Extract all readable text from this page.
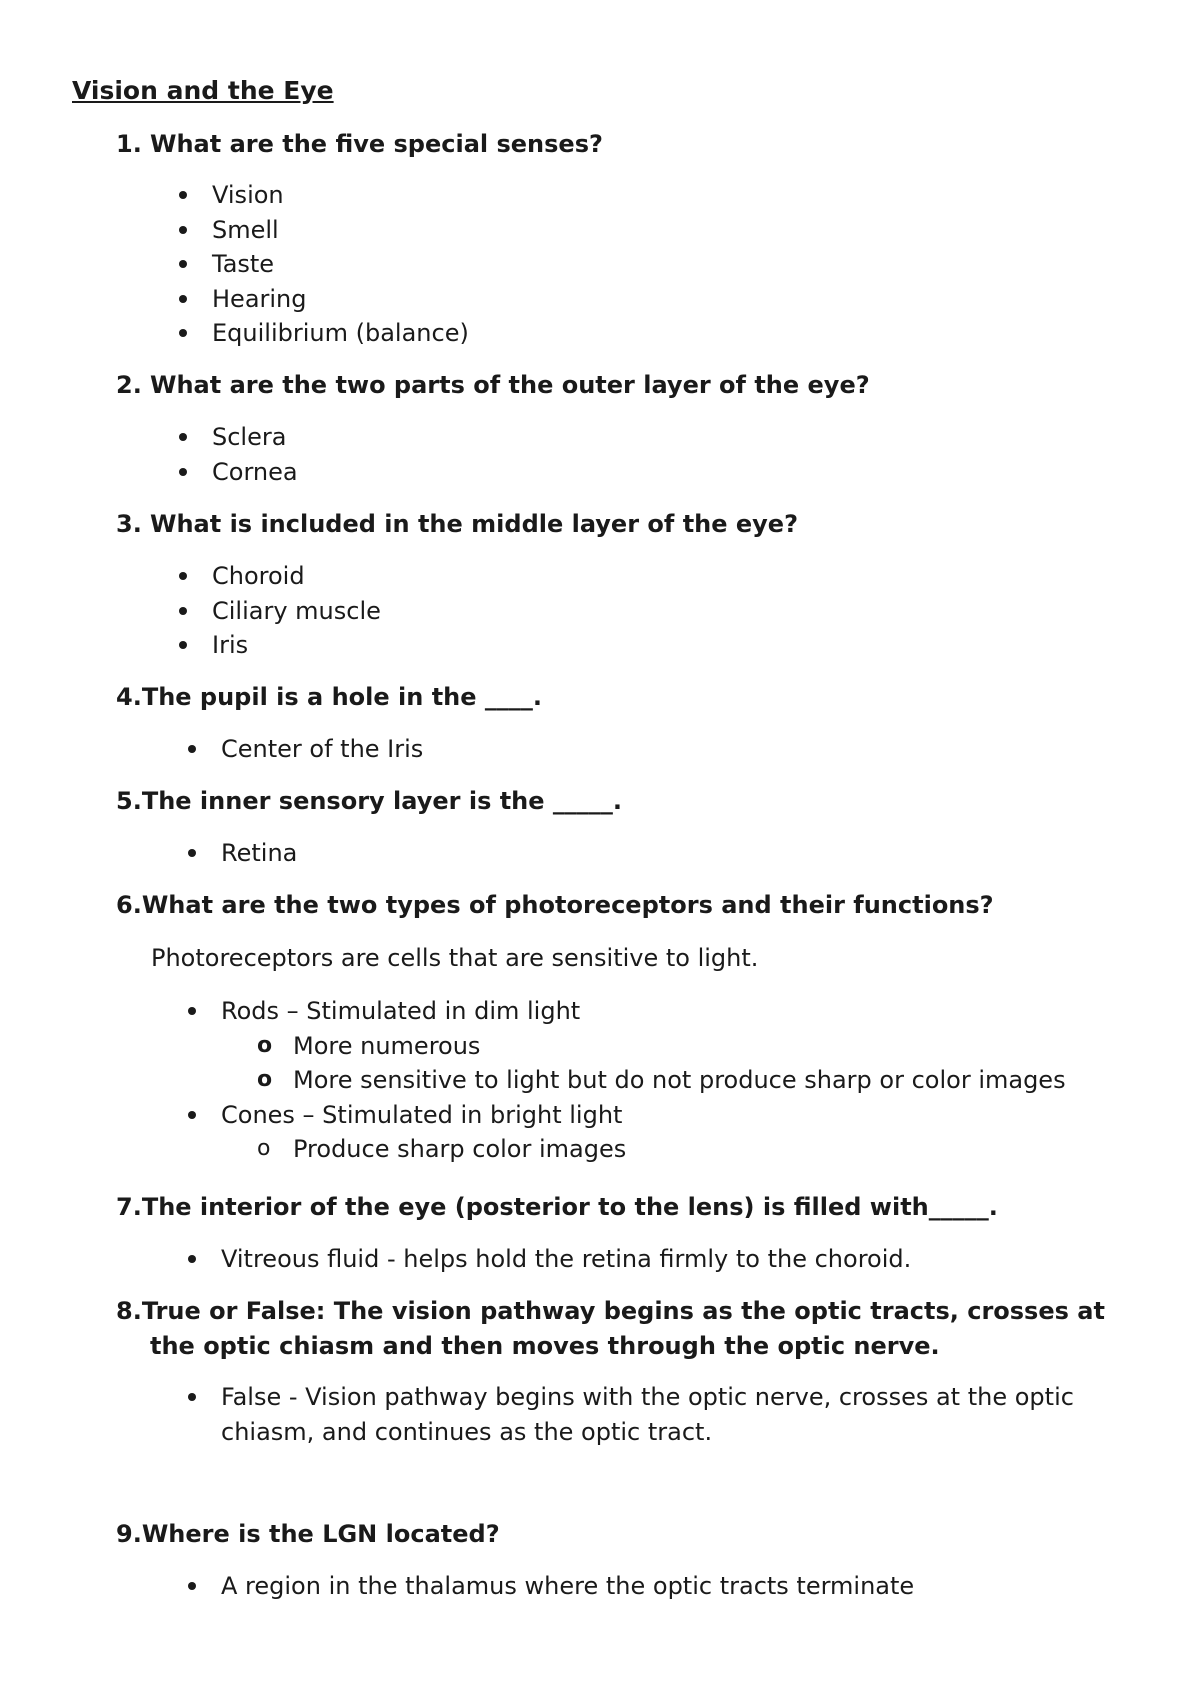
Vision and the Eye

1. What are the five special senses?

Vision
Smell
Taste
Hearing
Equilibrium (balance)

2. What are the two parts of the outer layer of the eye?

Sclera
Cornea

3. What is included in the middle layer of the eye?

Choroid
Ciliary muscle
Iris

4.The pupil is a hole in the ____.

Center of the Iris

5.The inner sensory layer is the _____.

Retina

6.What are the two types of photoreceptors and their functions?

Photoreceptors are cells that are sensitive to light.

Rods – Stimulated in dim light
o More numerous
o More sensitive to light but do not produce sharp or color images
Cones – Stimulated in bright light
o Produce sharp color images

7.The interior of the eye (posterior to the lens) is filled with_____.

Vitreous fluid - helps hold the retina firmly to the choroid.

8.True or False: The vision pathway begins as the optic tracts, crosses at
the optic chiasm and then moves through the optic nerve.

False - Vision pathway begins with the optic nerve, crosses at the optic
chiasm, and continues as the optic tract.

9.Where is the LGN located?

A region in the thalamus where the optic tracts terminate
